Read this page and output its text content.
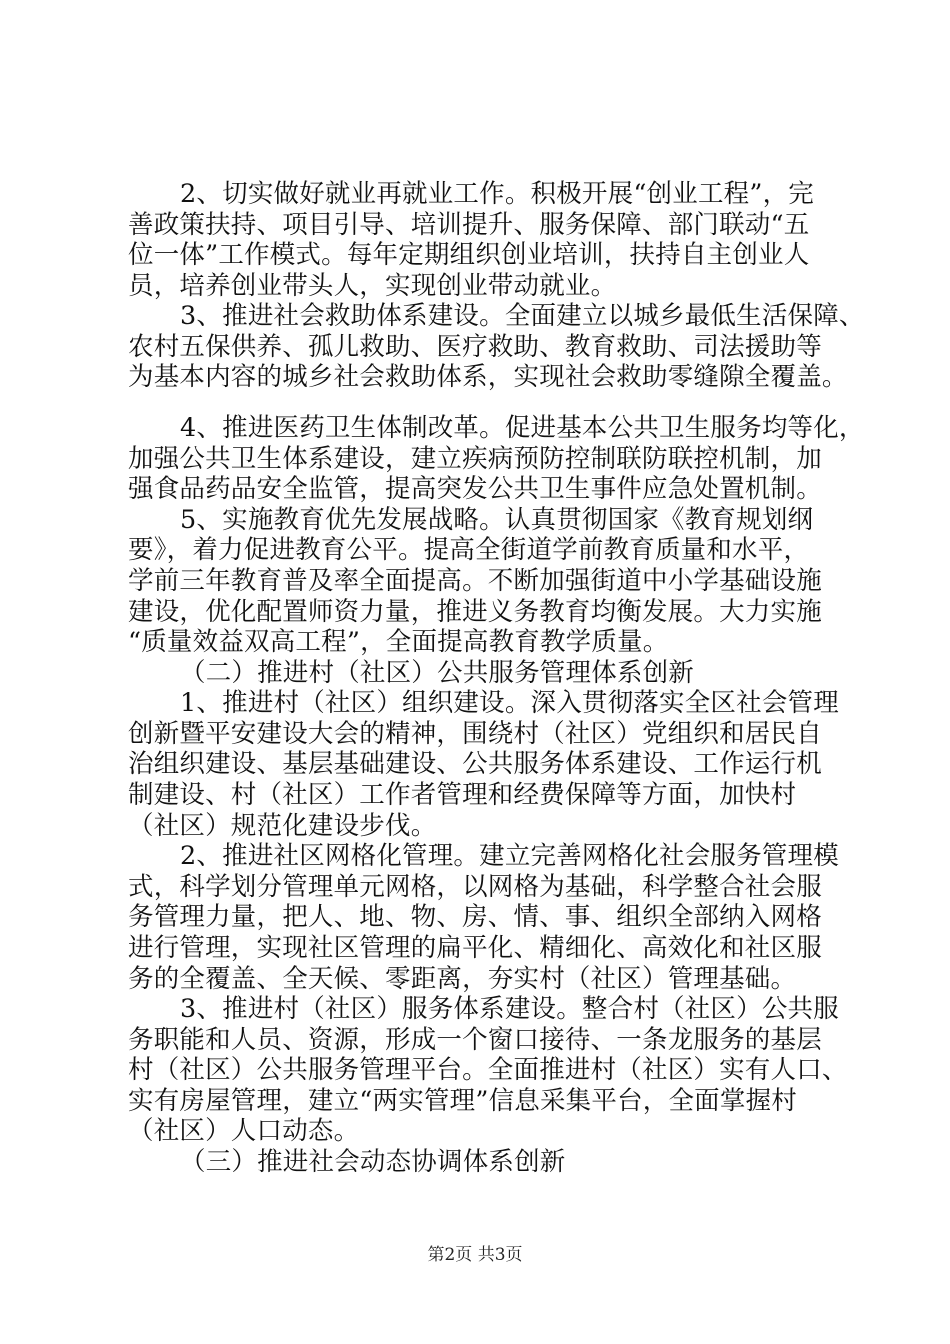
2、切实做好就业再就业工作。积极开展“创业工程”，完
善政策扶持、项目引导、培训提升、服务保障、部门联动“五
位一体”工作模式。每年定期组织创业培训，扶持自主创业人
员，培养创业带头人，实现创业带动就业。
3、推进社会救助体系建设。全面建立以城乡最低生活保障、
农村五保供养、孤儿救助、医疗救助、教育救助、司法援助等
为基本内容的城乡社会救助体系，实现社会救助零缝隙全覆盖。
4、推进医药卫生体制改革。促进基本公共卫生服务均等化，
加强公共卫生体系建设，建立疾病预防控制联防联控机制，加
强食品药品安全监管，提高突发公共卫生事件应急处置机制。
5、实施教育优先发展战略。认真贯彻国家《教育规划纲
要》，着力促进教育公平。提高全街道学前教育质量和水平，
学前三年教育普及率全面提高。不断加强街道中小学基础设施
建设，优化配置师资力量，推进义务教育均衡发展。大力实施
“质量效益双高工程”，全面提高教育教学质量。
（二）推进村（社区）公共服务管理体系创新
1、推进村（社区）组织建设。深入贯彻落实全区社会管理
创新暨平安建设大会的精神，围绕村（社区）党组织和居民自
治组织建设、基层基础建设、公共服务体系建设、工作运行机
制建设、村（社区）工作者管理和经费保障等方面，加快村
（社区）规范化建设步伐。
2、推进社区网格化管理。建立完善网格化社会服务管理模
式，科学划分管理单元网格，以网格为基础，科学整合社会服
务管理力量，把人、地、物、房、情、事、组织全部纳入网格
进行管理，实现社区管理的扁平化、精细化、高效化和社区服
务的全覆盖、全天候、零距离，夯实村（社区）管理基础。
3、推进村（社区）服务体系建设。整合村（社区）公共服
务职能和人员、资源，形成一个窗口接待、一条龙服务的基层
村（社区）公共服务管理平台。全面推进村（社区）实有人口、
实有房屋管理，建立“两实管理”信息采集平台，全面掌握村
（社区）人口动态。
（三）推进社会动态协调体系创新
第2页 共3页
